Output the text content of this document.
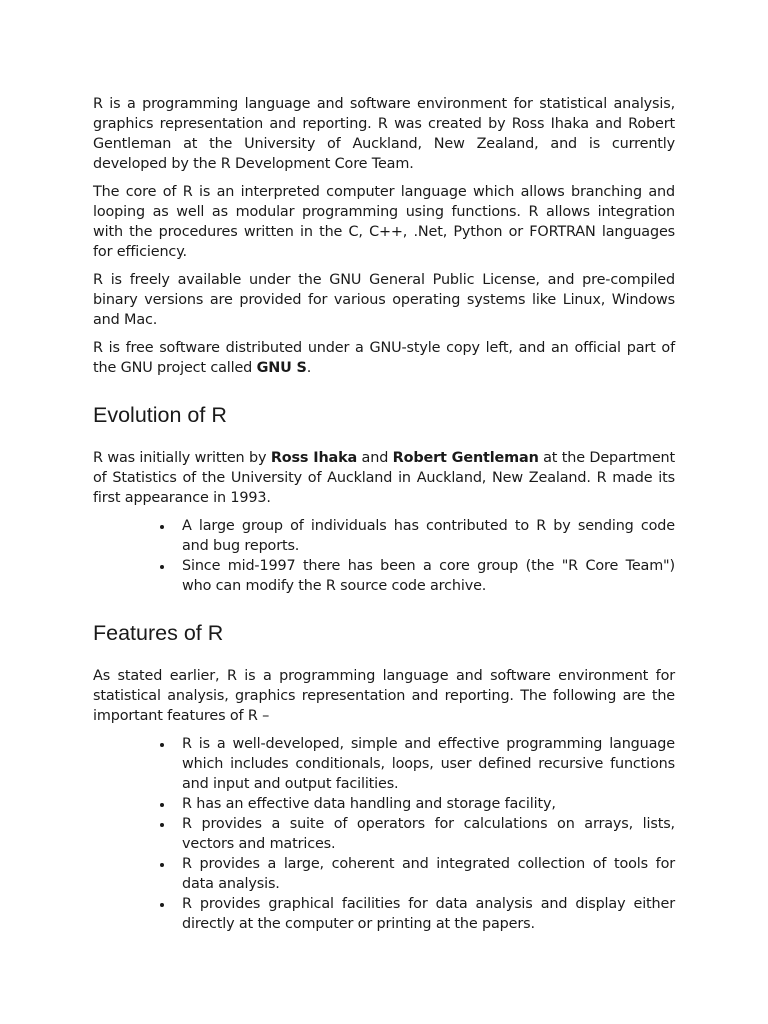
R is a programming language and software environment for statistical analysis, graphics representation and reporting. R was created by Ross Ihaka and Robert Gentleman at the University of Auckland, New Zealand, and is currently developed by the R Development Core Team.

The core of R is an interpreted computer language which allows branching and looping as well as modular programming using functions. R allows integration with the procedures written in the C, C++, .Net, Python or FORTRAN languages for efficiency.

R is freely available under the GNU General Public License, and pre-compiled binary versions are provided for various operating systems like Linux, Windows and Mac.

R is free software distributed under a GNU-style copy left, and an official part of the GNU project called GNU S.

Evolution of R

R was initially written by Ross Ihaka and Robert Gentleman at the Department of Statistics of the University of Auckland in Auckland, New Zealand. R made its first appearance in 1993.

A large group of individuals has contributed to R by sending code and bug reports.
Since mid-1997 there has been a core group (the "R Core Team") who can modify the R source code archive.
Features of R

As stated earlier, R is a programming language and software environment for statistical analysis, graphics representation and reporting. The following are the important features of R –

R is a well-developed, simple and effective programming language which includes conditionals, loops, user defined recursive functions and input and output facilities.
R has an effective data handling and storage facility,
R provides a suite of operators for calculations on arrays, lists, vectors and matrices.
R provides a large, coherent and integrated collection of tools for data analysis.
R provides graphical facilities for data analysis and display either directly at the computer or printing at the papers.
